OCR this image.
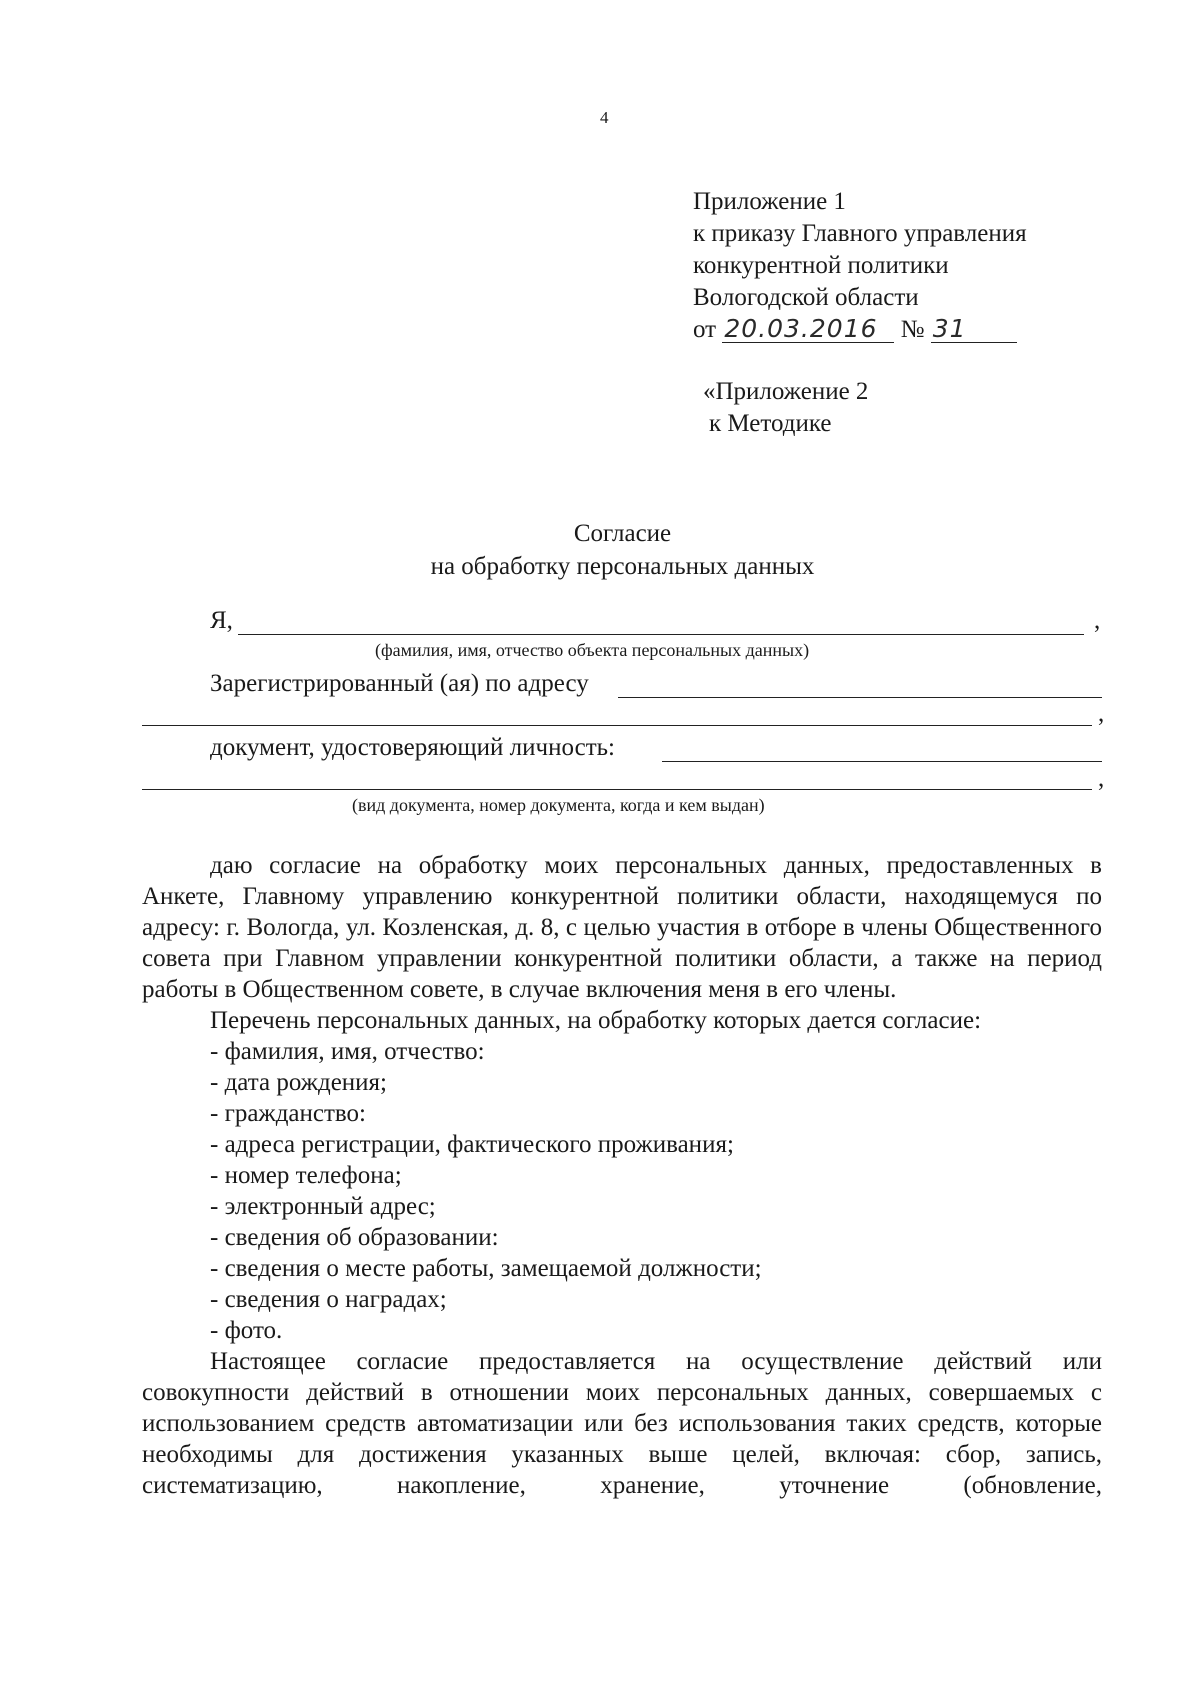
4
Приложение 1
к приказу Главного управления
конкурентной политики
Вологодской области
от 20.03.2016 № 31
«Приложение 2
к Методике
Согласие
на обработку персональных данных
Я,	,
(фамилия, имя, отчество объекта персональных данных)
Зарегистрированный (ая) по адресу
,
документ, удостоверяющий личность:
,
(вид документа, номер документа, когда и кем выдан)

даю согласие на обработку моих персональных данных, предоставленных в Анкете, Главному управлению конкурентной политики области, находящемуся по адресу: г. Вологда, ул. Козленская, д. 8, с целью участия в отборе в члены Общественного совета при Главном управлении конкурентной политики области, а также на период работы в Общественном совете, в случае включения меня в его члены.

Перечень персональных данных, на обработку которых дается согласие:

- фамилия, имя, отчество:

- дата рождения;

- гражданство:

- адреса регистрации, фактического проживания;

- номер телефона;

- электронный адрес;

- сведения об образовании:

- сведения о месте работы, замещаемой должности;

- сведения о наградах;

- фото.

Настоящее согласие предоставляется на осуществление действий или совокупности действий в отношении моих персональных данных, совершаемых с использованием средств автоматизации или без использования таких средств, которые необходимы для достижения указанных выше целей, включая: сбор, запись, систематизацию, накопление, хранение, уточнение (обновление,
